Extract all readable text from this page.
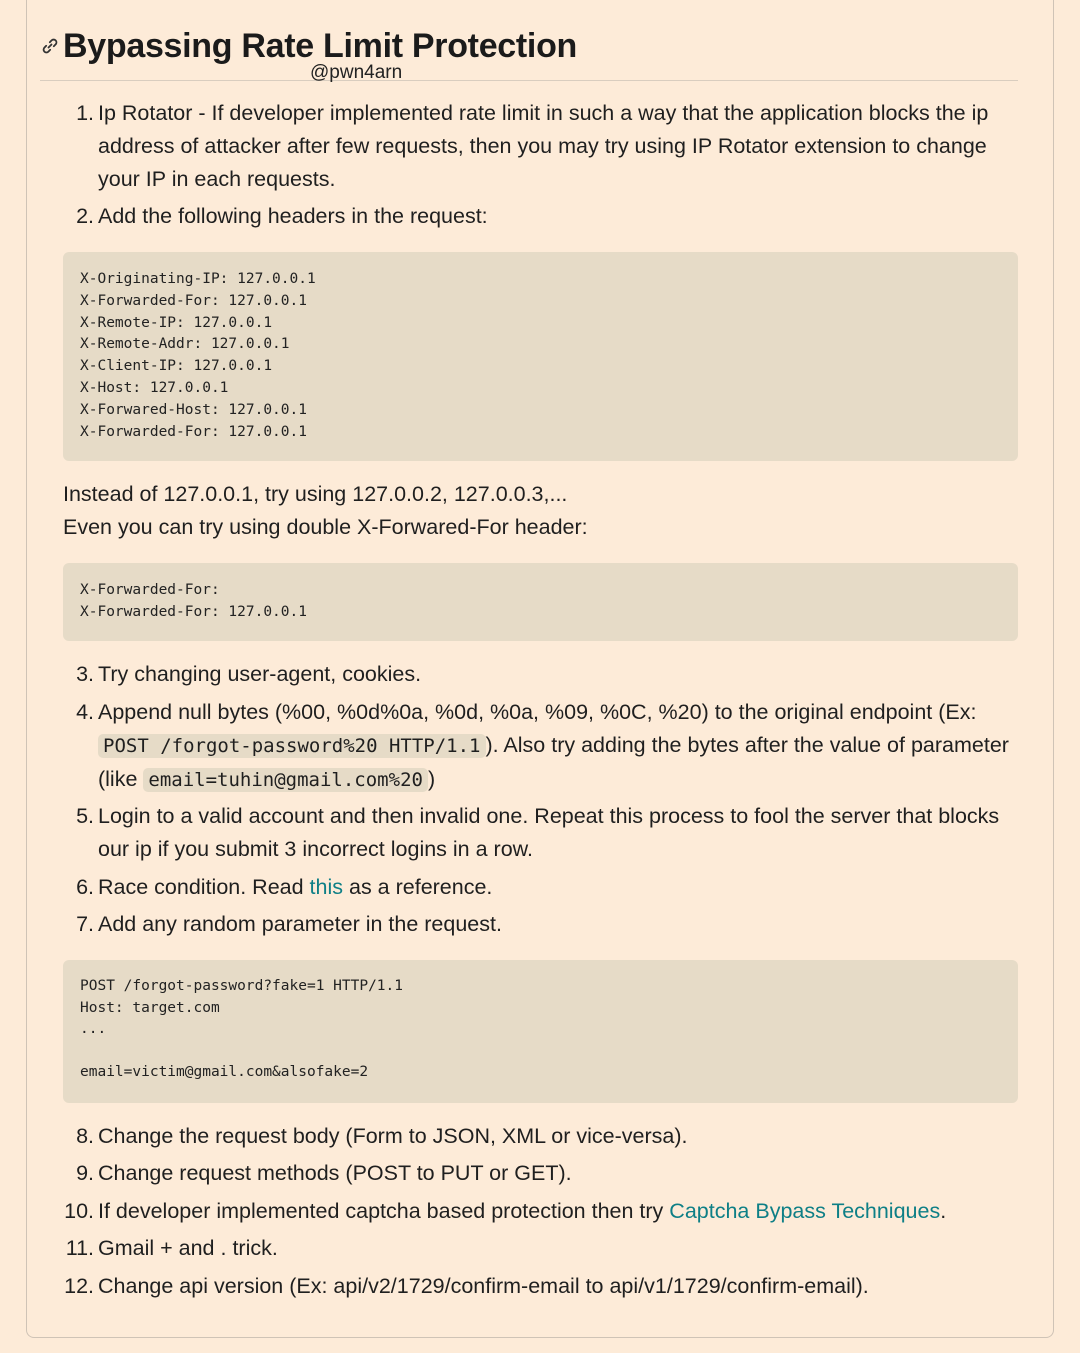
Bypassing Rate Limit Protection
@pwn4arn
1. Ip Rotator - If developer implemented rate limit in such a way that the application blocks the ip address of attacker after few requests, then you may try using IP Rotator extension to change your IP in each requests.
2. Add the following headers in the request:
X-Originating-IP: 127.0.0.1
X-Forwarded-For: 127.0.0.1
X-Remote-IP: 127.0.0.1
X-Remote-Addr: 127.0.0.1
X-Client-IP: 127.0.0.1
X-Host: 127.0.0.1
X-Forwared-Host: 127.0.0.1
X-Forwarded-For: 127.0.0.1
Instead of 127.0.0.1, try using 127.0.0.2, 127.0.0.3,...
Even you can try using double X-Forwared-For header:
X-Forwarded-For:
X-Forwarded-For: 127.0.0.1
3. Try changing user-agent, cookies.
4. Append null bytes (%00, %0d%0a, %0d, %0a, %09, %0C, %20) to the original endpoint (Ex: POST /forgot-password%20 HTTP/1.1 ). Also try adding the bytes after the value of parameter (like email=tuhin@gmail.com%20 )
5. Login to a valid account and then invalid one. Repeat this process to fool the server that blocks our ip if you submit 3 incorrect logins in a row.
6. Race condition. Read this as a reference.
7. Add any random parameter in the request.
POST /forgot-password?fake=1 HTTP/1.1
Host: target.com
...
email=victim@gmail.com&alsofake=2
8. Change the request body (Form to JSON, XML or vice-versa).
9. Change request methods (POST to PUT or GET).
10. If developer implemented captcha based protection then try Captcha Bypass Techniques.
11. Gmail + and . trick.
12. Change api version (Ex: api/v2/1729/confirm-email to api/v1/1729/confirm-email).
